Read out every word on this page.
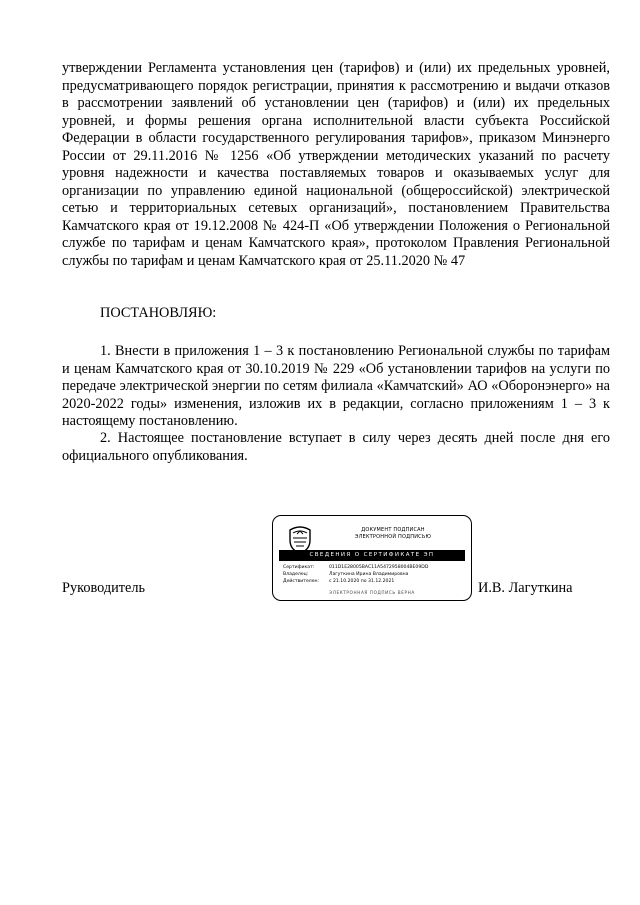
утверждении Регламента установления цен (тарифов) и (или) их предельных уровней, предусматривающего порядок регистрации, принятия к рассмотрению и выдачи отказов в рассмотрении заявлений об установлении цен (тарифов) и (или) их предельных уровней, и формы решения органа исполнительной власти субъекта Российской Федерации в области государственного регулирования тарифов», приказом Минэнерго России от 29.11.2016 № 1256 «Об утверждении методических указаний по расчету уровня надежности и качества поставляемых товаров и оказываемых услуг для организации по управлению единой национальной (общероссийской) электрической сетью и территориальных сетевых организаций», постановлением Правительства Камчатского края от 19.12.2008 № 424-П «Об утверждении Положения о Региональной службе по тарифам и ценам Камчатского края», протоколом Правления Региональной службы по тарифам и ценам Камчатского края от 25.11.2020 № 47

ПОСТАНОВЛЯЮ:

1. Внести в приложения 1 – 3 к постановлению Региональной службы по тарифам и ценам Камчатского края от 30.10.2019 № 229 «Об установлении тарифов на услуги по передаче электрической энергии по сетям филиала «Камчатский» АО «Оборонэнерго» на 2020-2022 годы» изменения, изложив их в редакции, согласно приложениям 1 – 3 к настоящему постановлению.

2. Настоящее постановление вступает в силу через десять дней после дня его официального опубликования.

Руководитель
ДОКУМЕНТ ПОДПИСАН
ЭЛЕКТРОННОЙ ПОДПИСЬЮ
СВЕДЕНИЯ О СЕРТИФИКАТЕ ЭП
Сертификат:	011D1E28005BAC11A5472958004BE09DD
Владелец:	Лагуткина Ирина Владимировна
Действителен:	с 21.10.2020 по 31.12.2021
ЭЛЕКТРОННАЯ ПОДПИСЬ ВЕРНА	И.В. Лагуткина
